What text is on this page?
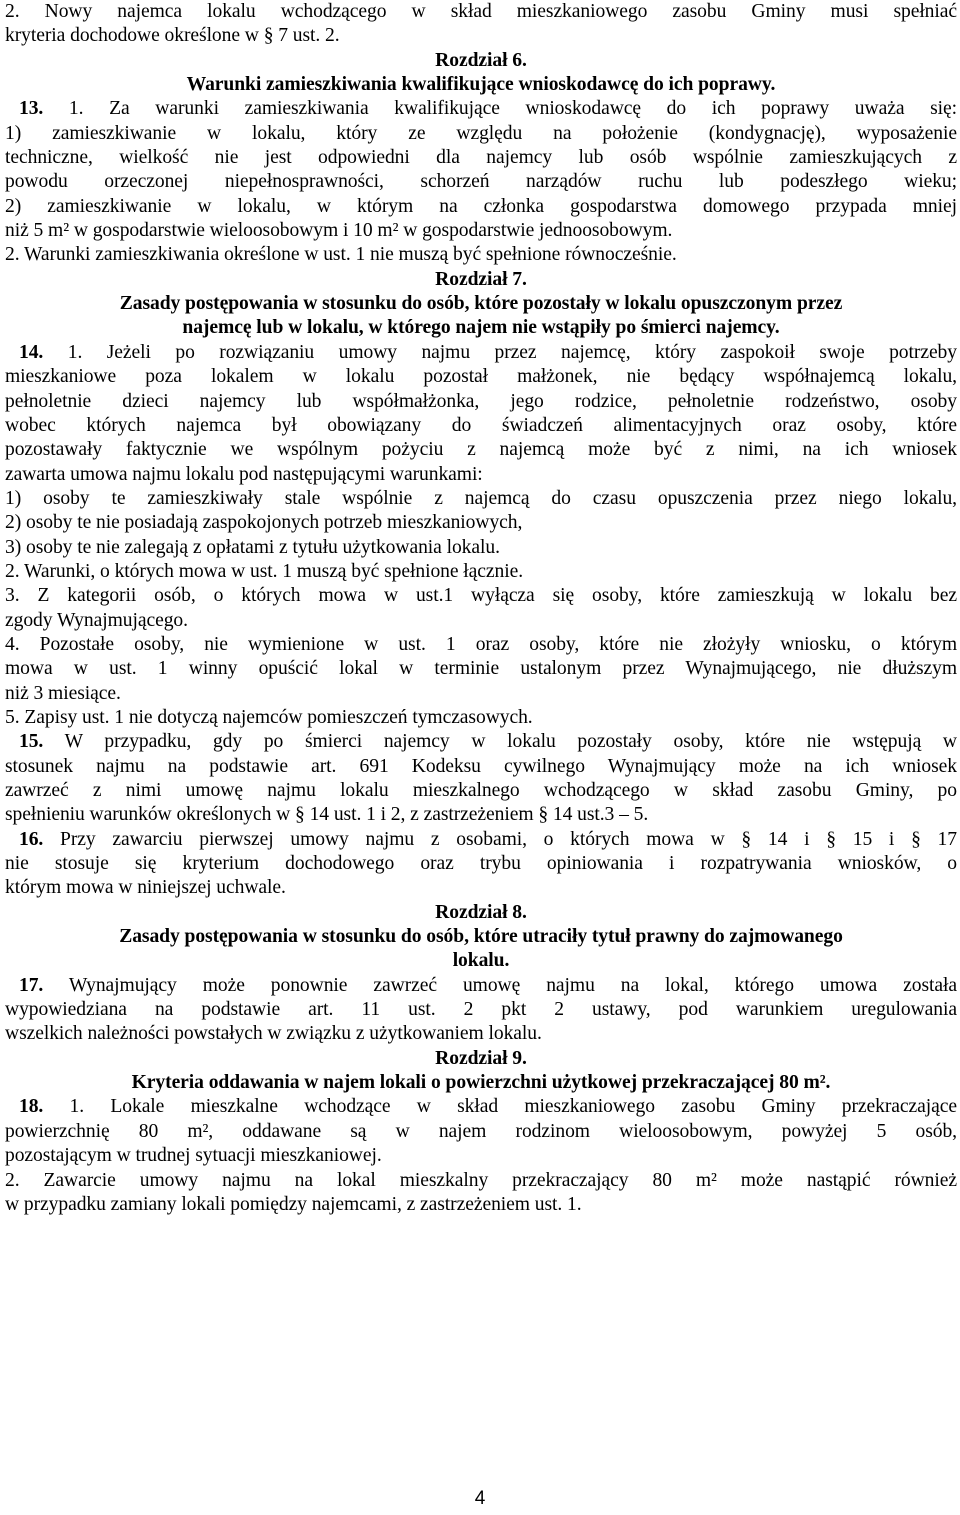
2. Nowy najemca lokalu wchodzącego w skład mieszkaniowego zasobu Gminy musi spełniać
kryteria dochodowe określone w § 7 ust. 2.
Rozdział 6.
Warunki zamieszkiwania kwalifikujące wnioskodawcę do ich poprawy.
13. 1. Za warunki zamieszkiwania kwalifikujące wnioskodawcę do ich poprawy uważa się:
1) zamieszkiwanie w lokalu, który ze względu na położenie (kondygnację), wyposażenie
techniczne, wielkość nie jest odpowiedni dla najemcy lub osób wspólnie zamieszkujących z
powodu orzeczonej niepełnosprawności, schorzeń narządów ruchu lub podeszłego wieku;
2) zamieszkiwanie w lokalu, w którym na członka gospodarstwa domowego przypada mniej
niż 5 m² w gospodarstwie wieloosobowym i 10 m² w gospodarstwie jednoosobowym.
2. Warunki zamieszkiwania określone w ust. 1 nie muszą być spełnione równocześnie.
Rozdział 7.
Zasady postępowania w stosunku do osób, które pozostały w lokalu opuszczonym przez
najemcę lub w lokalu, w którego najem nie wstąpiły po śmierci najemcy.
14. 1. Jeżeli po rozwiązaniu umowy najmu przez najemcę, który zaspokoił swoje potrzeby
mieszkaniowe poza lokalem w lokalu pozostał małżonek, nie będący współnajemcą lokalu,
pełnoletnie dzieci najemcy lub współmałżonka, jego rodzice, pełnoletnie rodzeństwo, osoby
wobec których najemca był obowiązany do świadczeń alimentacyjnych oraz osoby, które
pozostawały faktycznie we wspólnym pożyciu z najemcą może być z nimi, na ich wniosek
zawarta umowa najmu lokalu pod następującymi warunkami:
1) osoby te zamieszkiwały stale wspólnie z najemcą do czasu opuszczenia przez niego lokalu,
2) osoby te nie posiadają zaspokojonych potrzeb mieszkaniowych,
3) osoby te nie zalegają z opłatami z tytułu użytkowania lokalu.
2. Warunki, o których mowa w ust. 1 muszą być spełnione łącznie.
3. Z kategorii osób, o których mowa w ust.1 wyłącza się osoby, które zamieszkują w lokalu bez
zgody Wynajmującego.
4. Pozostałe osoby, nie wymienione w ust. 1 oraz osoby, które nie złożyły wniosku, o którym
mowa w ust. 1 winny opuścić lokal w terminie ustalonym przez Wynajmującego, nie dłuższym
niż 3 miesiące.
5. Zapisy ust. 1 nie dotyczą najemców pomieszczeń tymczasowych.
15. W przypadku, gdy po śmierci najemcy w lokalu pozostały osoby, które nie wstępują w
stosunek najmu na podstawie art. 691 Kodeksu cywilnego Wynajmujący może na ich wniosek
zawrzeć z nimi umowę najmu lokalu mieszkalnego wchodzącego w skład zasobu Gminy, po
spełnieniu warunków określonych w § 14 ust. 1 i 2, z zastrzeżeniem § 14 ust.3 – 5.
16. Przy zawarciu pierwszej umowy najmu z osobami, o których mowa w § 14 i § 15 i § 17
nie stosuje się kryterium dochodowego oraz trybu opiniowania i rozpatrywania wniosków, o
którym mowa w niniejszej uchwale.
Rozdział 8.
Zasady postępowania w stosunku do osób, które utraciły tytuł prawny do zajmowanego
lokalu.
17. Wynajmujący może ponownie zawrzeć umowę najmu na lokal, którego umowa została
wypowiedziana na podstawie art. 11 ust. 2 pkt 2 ustawy, pod warunkiem uregulowania
wszelkich należności powstałych w związku z użytkowaniem lokalu.
Rozdział 9.
Kryteria oddawania w najem lokali o powierzchni użytkowej przekraczającej 80 m².
18. 1. Lokale mieszkalne wchodzące w skład mieszkaniowego zasobu Gminy przekraczające
powierzchnię 80 m², oddawane są w najem rodzinom wieloosobowym, powyżej 5 osób,
pozostającym w trudnej sytuacji mieszkaniowej.
2. Zawarcie umowy najmu na lokal mieszkalny przekraczający 80 m² może nastąpić również
w przypadku zamiany lokali pomiędzy najemcami, z zastrzeżeniem ust. 1.
4
